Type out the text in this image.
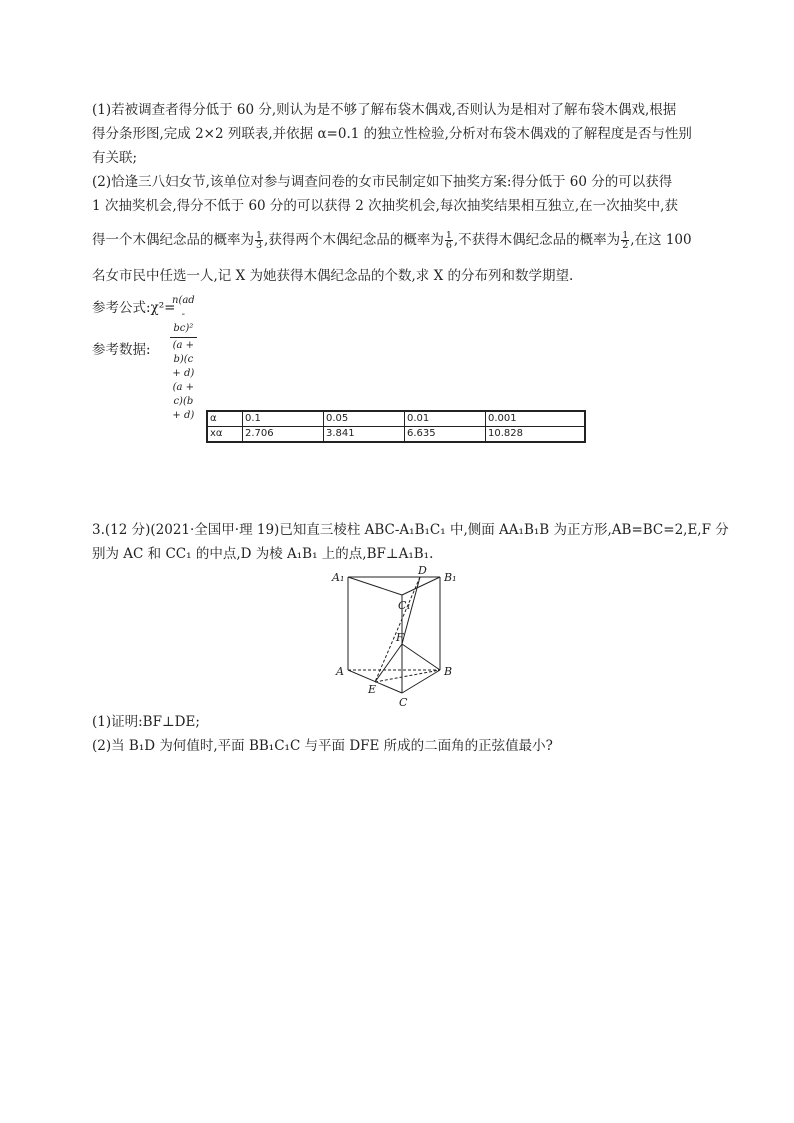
(1)若被调查者得分低于 60 分,则认为是不够了解布袋木偶戏,否则认为是相对了解布袋木偶戏,根据
得分条形图,完成 2×2 列联表,并依据 α=0.1 的独立性检验,分析对布袋木偶戏的了解程度是否与性别
有关联;
(2)恰逢三八妇女节,该单位对参与调查问卷的女市民制定如下抽奖方案:得分低于 60 分的可以获得
1 次抽奖机会,得分不低于 60 分的可以获得 2 次抽奖机会,每次抽奖结果相互独立,在一次抽奖中,获
得一个木偶纪念品的概率为 $\frac{1}{3}$ ,获得两个木偶纪念品的概率为 $\frac{1}{6}$ ,不获得木偶纪念品的概率为 $\frac{1}{2}$ ,在这 100
名女市民中任选一人,记 X 为她获得木偶纪念品的个数,求 X 的分布列和数学期望.
参考公式:χ²=
$\frac{\text{n(ad - bc)²}}{(a + b)(c + d)(a + c)(b + d)}$
参考数据:
α	0.1	0.05	0.01	0.001
xα	2.706	3.841	6.635	10.828
3.(12 分)(2021·全国甲·理 19)已知直三棱柱 ABC-A₁B₁C₁ 中,侧面 AA₁B₁B 为正方形,AB=BC=2,E,F 分
别为 AC 和 CC₁ 的中点,D 为棱 A₁B₁ 上的点,BF⊥A₁B₁.
A₁	B₁
C₁
D
A	B
C
E
F
(1)证明:BF⊥DE;
(2)当 B₁D 为何值时,平面 BB₁C₁C 与平面 DFE 所成的二面角的正弦值最小?
